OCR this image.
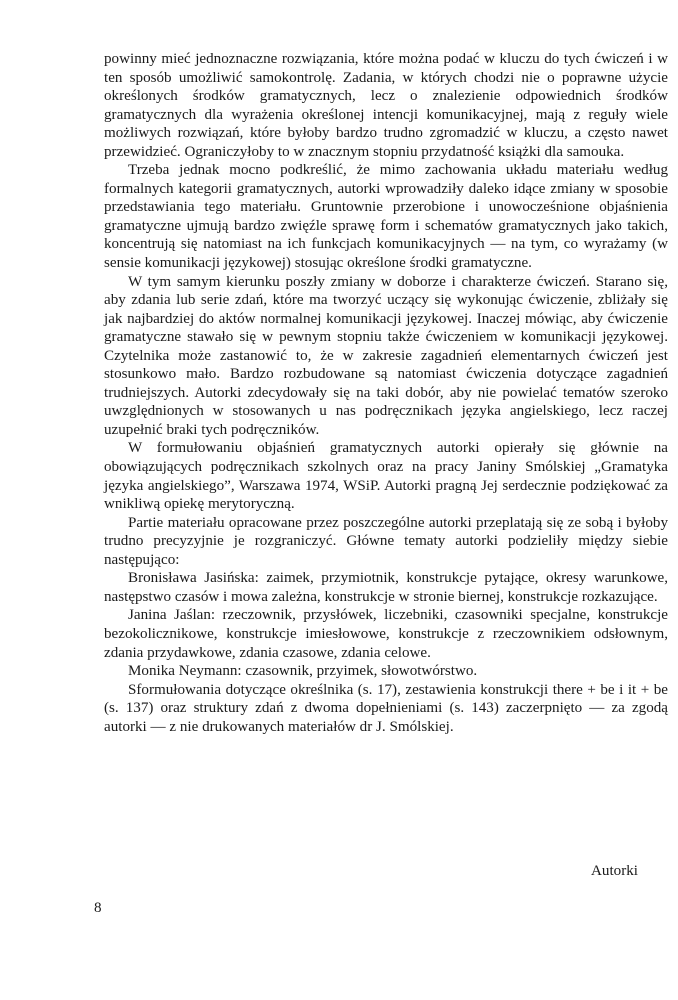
powinny mieć jednoznaczne rozwiązania, które można podać w kluczu do tych ćwiczeń i w ten sposób umożliwić samokontrolę. Zadania, w których chodzi nie o poprawne użycie określonych środków gramatycznych, lecz o znalezienie odpowiednich środków gramatycznych dla wyrażenia określonej intencji komunikacyjnej, mają z reguły wiele możliwych rozwiązań, które byłoby bardzo trudno zgromadzić w kluczu, a często nawet przewidzieć. Ograniczyłoby to w znacznym stopniu przydatność książki dla samouka.

Trzeba jednak mocno podkreślić, że mimo zachowania układu materiału według formalnych kategorii gramatycznych, autorki wprowadziły daleko idące zmiany w sposobie przedstawiania tego materiału. Gruntownie przerobione i unowocześnione objaśnienia gramatyczne ujmują bardzo zwięźle sprawę form i schematów gramatycznych jako takich, koncentrują się natomiast na ich funkcjach komunikacyjnych — na tym, co wyrażamy (w sensie komunikacji językowej) stosując określone środki gramatyczne.

W tym samym kierunku poszły zmiany w doborze i charakterze ćwiczeń. Starano się, aby zdania lub serie zdań, które ma tworzyć uczący się wykonując ćwiczenie, zbliżały się jak najbardziej do aktów normalnej komunikacji językowej. Inaczej mówiąc, aby ćwiczenie gramatyczne stawało się w pewnym stopniu także ćwiczeniem w komunikacji językowej. Czytelnika może zastanowić to, że w zakresie zagadnień elementarnych ćwiczeń jest stosunkowo mało. Bardzo rozbudowane są natomiast ćwiczenia dotyczące zagadnień trudniejszych. Autorki zdecydowały się na taki dobór, aby nie powielać tematów szeroko uwzględnionych w stosowanych u nas podręcznikach języka angielskiego, lecz raczej uzupełnić braki tych podręczników.

W formułowaniu objaśnień gramatycznych autorki opierały się głównie na obowiązujących podręcznikach szkolnych oraz na pracy Janiny Smólskiej „Gramatyka języka angielskiego”, Warszawa 1974, WSiP. Autorki pragną Jej serdecznie podziękować za wnikliwą opiekę merytoryczną.

Partie materiału opracowane przez poszczególne autorki przeplatają się ze sobą i byłoby trudno precyzyjnie je rozgraniczyć. Główne tematy autorki podzieliły między siebie następująco:

Bronisława Jasińska: zaimek, przymiotnik, konstrukcje pytające, okresy warunkowe, następstwo czasów i mowa zależna, konstrukcje w stronie biernej, konstrukcje rozkazujące.

Janina Jaślan: rzeczownik, przysłówek, liczebniki, czasowniki specjalne, konstrukcje bezokolicznikowe, konstrukcje imiesłowowe, konstrukcje z rzeczownikiem odsłownym, zdania przydawkowe, zdania czasowe, zdania celowe.

Monika Neymann: czasownik, przyimek, słowotwórstwo.

Sformułowania dotyczące określnika (s. 17), zestawienia konstrukcji there + be i it + be (s. 137) oraz struktury zdań z dwoma dopełnieniami (s. 143) zaczerpnięto — za zgodą autorki — z nie drukowanych materiałów dr J. Smólskiej.

Autorki
8
